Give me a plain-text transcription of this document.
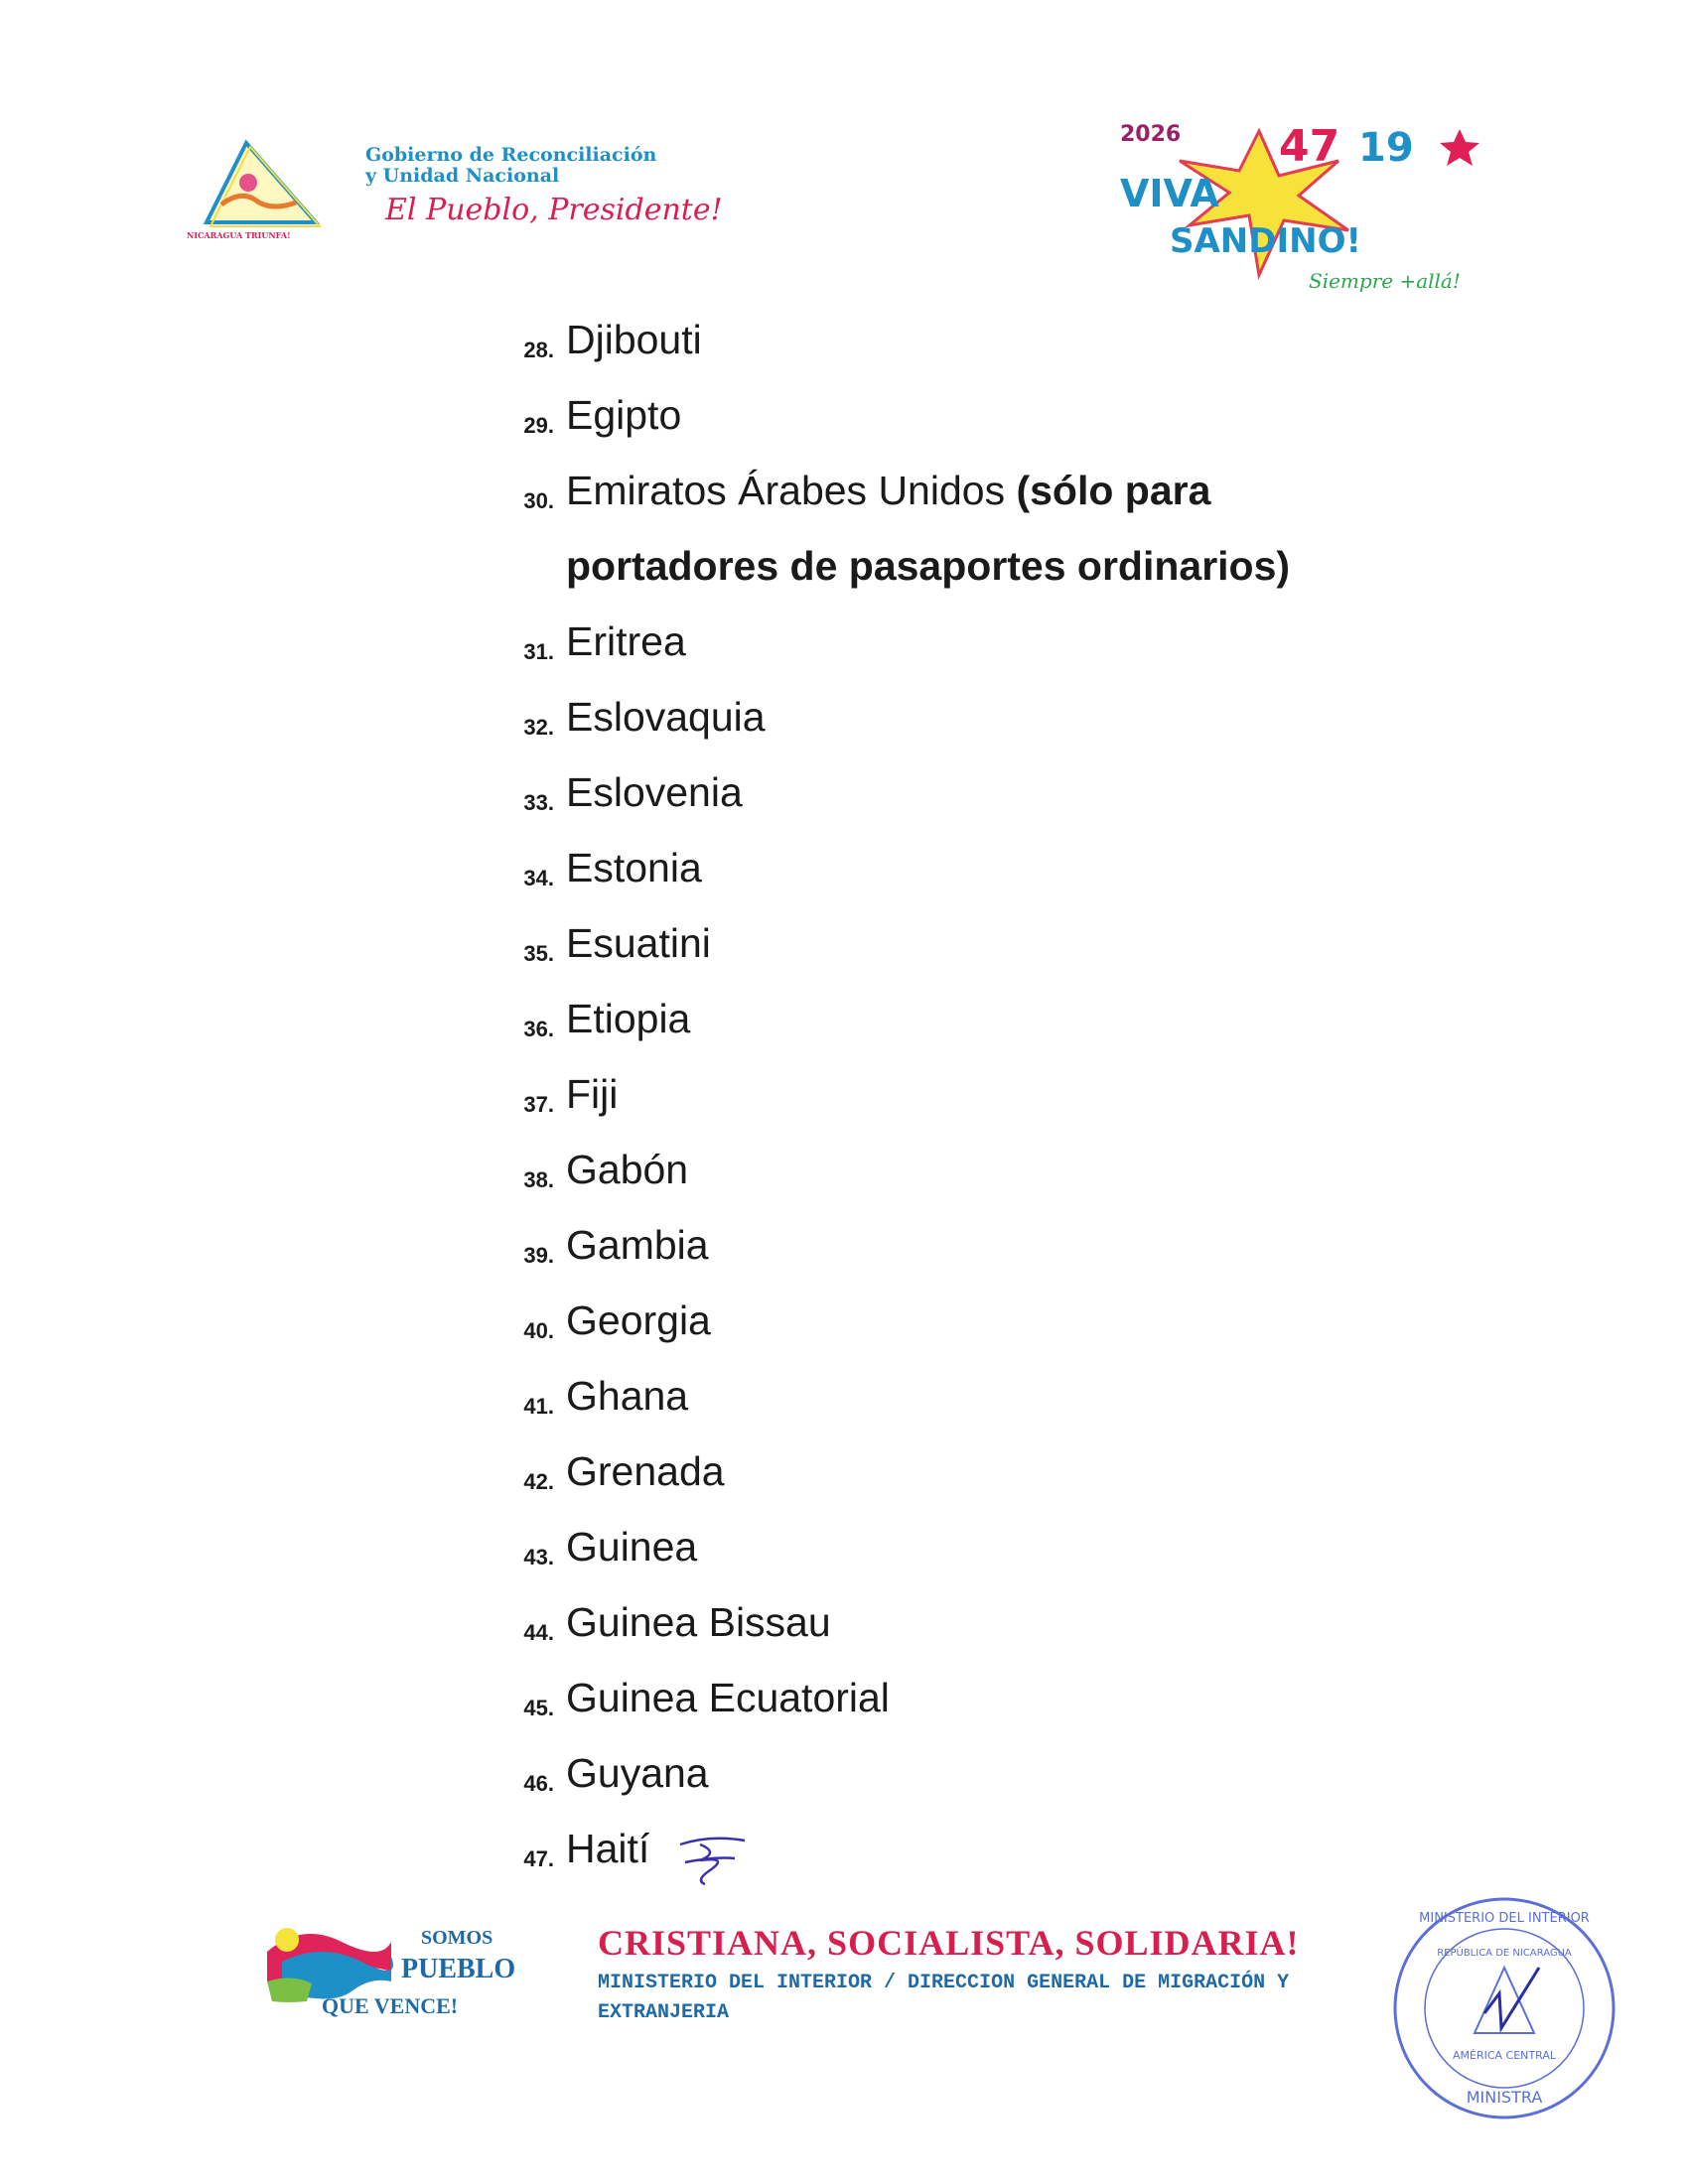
NICARAGUA TRIUNFA!
Gobierno de Reconciliación
y Unidad Nacional
El Pueblo, Presidente!
2026 47 19
VIVA
SANDINO!
Siempre +allá!
28. Djibouti
29. Egipto
30. Emiratos Árabes Unidos (sólo para
portadores de pasaportes ordinarios)
31. Eritrea
32. Eslovaquia
33. Eslovenia
34. Estonia
35. Esuatini
36. Etiopia
37. Fiji
38. Gabón
39. Gambia
40. Georgia
41. Ghana
42. Grenada
43. Guinea
44. Guinea Bissau
45. Guinea Ecuatorial
46. Guyana
47. Haití
SOMOS
PUEBLO
QUE VENCE!
CRISTIANA, SOCIALISTA, SOLIDARIA!
MINISTERIO DEL INTERIOR / DIRECCION GENERAL DE MIGRACIÓN Y
EXTRANJERIA
MINISTERIO DEL INTERIOR
REPÚBLICA DE NICARAGUA
AMÉRICA CENTRAL
MINISTRA
